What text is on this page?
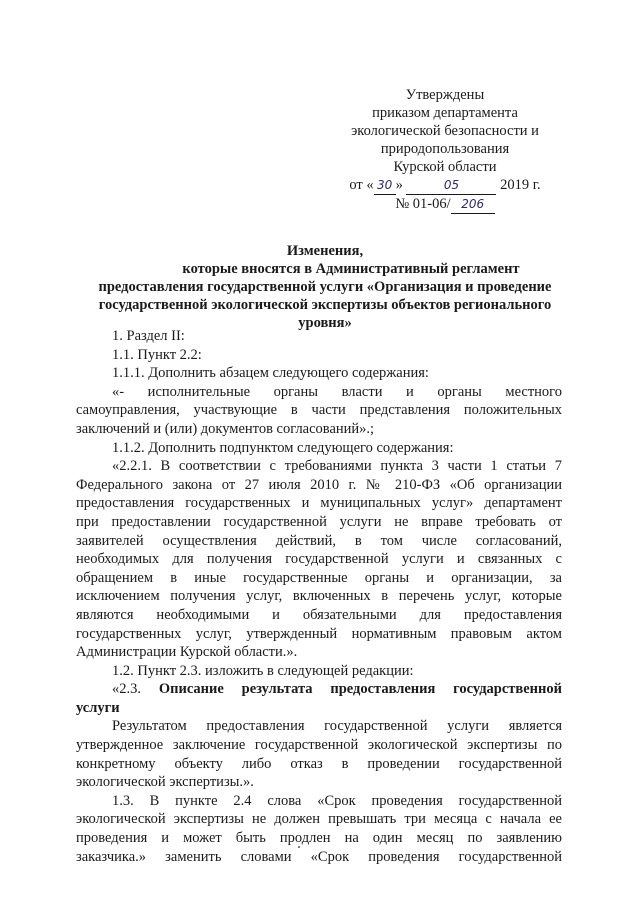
Утверждены
приказом департамента
экологической безопасности и
природопользования
Курской области
от « 30 »	05	2019 г.
№ 01-06/ 206
Изменения,
которые вносятся в Административный регламент
предоставления государственной услуги «Организация и проведение
государственной экологической экспертизы объектов регионального
уровня»
1. Раздел II:
1.1. Пункт 2.2:
1.1.1. Дополнить абзацем следующего содержания:
«- исполнительные органы власти и органы местного
самоуправления, участвующие в части представления положительных
заключений и (или) документов согласований».;
1.1.2. Дополнить подпунктом следующего содержания:
«2.2.1. В соответствии с требованиями пункта 3 части 1 статьи 7
Федерального закона от 27 июля 2010 г. № 210-ФЗ «Об организации
предоставления государственных и муниципальных услуг» департамент
при предоставлении государственной услуги не вправе требовать от
заявителей осуществления действий, в том числе согласований,
необходимых для получения государственной услуги и связанных с
обращением в иные государственные органы и организации, за
исключением получения услуг, включенных в перечень услуг, которые
являются необходимыми и обязательными для предоставления
государственных услуг, утвержденный нормативным правовым актом
Администрации Курской области.».
1.2. Пункт 2.3. изложить в следующей редакции:
«2.3. Описание результата предоставления государственной
услуги
Результатом предоставления государственной услуги является
утвержденное заключение государственной экологической экспертизы по
конкретному объекту либо отказ в проведении государственной
экологической экспертизы.».
1.3. В пункте 2.4 слова «Срок проведения государственной
экологической экспертизы не должен превышать три месяца с начала ее
проведения и может быть продлен на один месяц по заявлению
заказчика.» заменить словами «Срок проведения государственной
